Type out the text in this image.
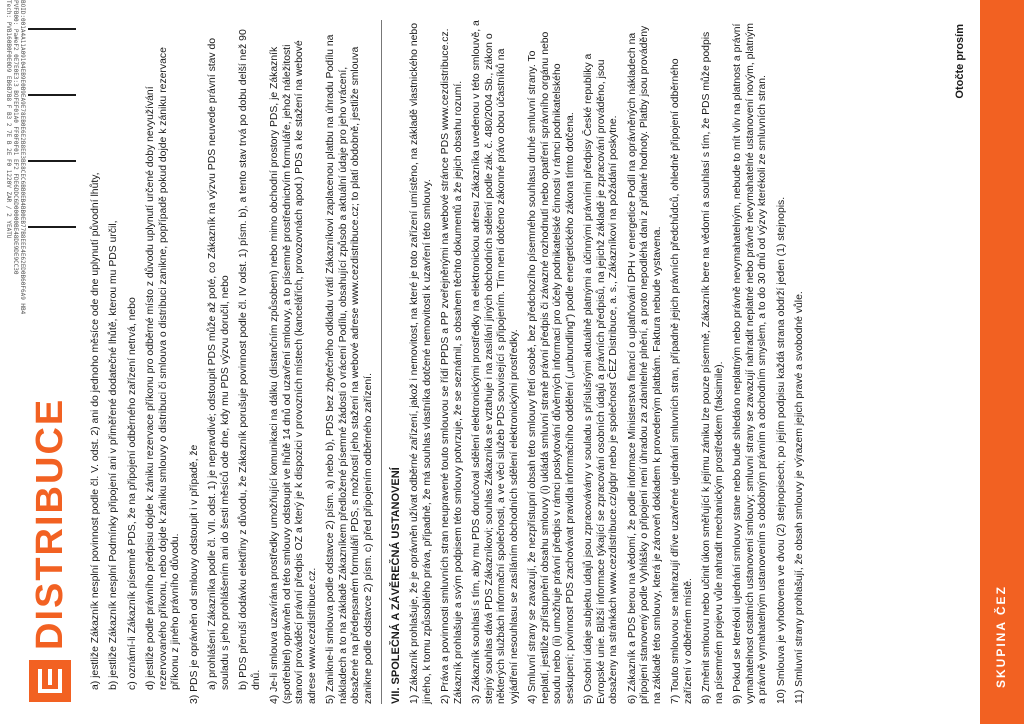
BOID:001A4A11A09104EB9E0B9EA9E78EB0E6E2B8EE3BE8CEC6BB0EB4BB0EB77B8EEE4E62ED0B60F6A9 HB4
PVFB00: Pa#eF2 0E7E0E3:3 BOFEF01A0 FF0F0F01 EF2 FDE6DDC6D00000BE48DE9DE9CC30
Tech: PVB160B0F0E0D9 EB6B7B8 F B3 2 7E B 2E F0 1220V ZAR / 2 YEATU
DISTRIBUCE a) jestliže Zákazník nesplní povinnost podle čl. V. odst. 2) ani do jednoho měsíce ode dne uplynutí původní lhůty, b) jestliže Zákazník nesplní Podmínky připojení ani v přiměřené dodatečné lhůtě, kterou mu PDS určil, c) oznámí-li Zákazník písemně PDS, že na připojení odběrného zařízení netrvá, nebo d) jestliže podle právního předpisu dojde k zániku rezervace příkonu pro odběrné místo z důvodu uplynutí určené doby nevyužívání rezervovaného příkonu, nebo dojde k zániku smlouvy o distribuci či smlouva o distribuci zanikne, popřípadě pokud dojde k zániku rezervace příkonu z jiného právního důvodu. 3) PDS je oprávněn od smlouvy odstoupit i v případě, že a) prohlášení Zákazníka podle čl. VII. odst. 1) je nepravdivé; odstoupit PDS může až poté, co Zákazník na výzvu PDS neuvede právní stav do souladu s jeho prohlášením ani do šesti měsíců ode dne, kdy mu PDS výzvu doručil, nebo b) PDS přeruší dodávku elektřiny z důvodu, že Zákazník porušuje povinnost podle čl. IV odst. 1) písm. b), a tento stav trvá po dobu delší než 90 dnů. 4) Je-li smlouva uzavírána prostředky umožňující komunikaci na dálku (distančním způsobem) nebo mimo obchodní prostory PDS, je Zákazník (spotřebitel) oprávněn od této smlouvy odstoupit ve lhůtě 14 dnů od uzavření smlouvy, a to písemně prostřednictvím formuláře, jehož náležitosti stanoví prováděcí právní předpis OZ a který je k dispozici v provozních místech (kancelářích, provozovnách apod.) PDS a ke stažení na webové adrese www.cezdistribuce.cz. 5) Zanikne-li smlouva podle odstavce 2) písm. a) nebo b), PDS bez zbytečného odkladu vrátí Zákazníkovi zaplacenou platbu na úhradu Podílu na nákladech a to na základě Zákazníkem předložené písemné žádosti o vrácení Podílu, obsahující způsob a aktuální údaje pro jeho vrácení, obsažené na předepsaném formuláři PDS, s možností jeho stažení na webové adrese www.cezdistribuce.cz; to platí obdobně, jestliže smlouva zanikne podle odstavce 2) písm. c) před připojením odběrného zařízení. VII. SPOLEČNÁ A ZÁVĚREČNÁ USTANOVENÍ 1) Zákazník prohlašuje, že je oprávněn užívat odběrné zařízení, jakož i nemovitost, na které je toto zařízení umístěno, na základě vlastnického nebo jiného, k tomu způsobilého práva, případně, že má souhlas vlastníka dotčené nemovitosti k uzavření této smlouvy. 2) Práva a povinnosti smluvních stran neupravené touto smlouvou se řídí PPDS a PP zveřejněnými na webové stránce PDS www.cezdistribuce.cz. Zákazník prohlašuje a svým podpisem této smlouvy potvrzuje, že se seznámil, s obsahem těchto dokumentů a že jejich obsahu rozumí. 3) Zákazník souhlasí s tím, aby mu PDS doručoval sdělení elektronickými prostředky na elektronickou adresu Zákazníka uvedenou v této smlouvě, a stejný souhlas dává PDS Zákazníkovi; souhlas Zákazníka se vztahuje i na zasílání jiných obchodních sdělení podle zák. č. 480/2004 Sb., zákon o některých službách informační společnosti, a ve věci služeb PDS související s připojením. Tím není dotčeno zákonné právo obou účastníků na vyjádření nesouhlasu se zasíláním obchodních sdělení elektronickými prostředky. 4) Smluvní strany se zavazují, že nezpřístupní obsah této smlouvy třetí osobě, bez předchozího písemného souhlasu druhé smluvní strany. To neplatí, jestliže zpřístupnění obsahu smlouvy (i) ukládá smluvní straně právní předpis či závazné rozhodnutí nebo opatření správního orgánu nebo soudu nebo (ii) umožňuje právní předpis v rámci poskytování důvěrných informací pro účely podnikatelské činnosti v rámci podnikatelského seskupení; povinnost PDS zachovávat pravidla informačního oddělení („unbundling") podle energetického zákona tímto dotčena. 5) Osobní údaje subjektu údajů jsou zpracovávány v souladu s příslušnými aktuálně platnými a účinnými právními předpisy České republiky a Evropské unie. Bližší informace týkající se zpracování osobních údajů a právních předpisů, na jejichž základě je zpracování prováděno, jsou obsaženy na stránkách www.cezdistribuce.cz/gdpr nebo je společnost ČEZ Distribuce, a. s., Zákazníkovi na požádání poskytne. 6) Zákazník a PDS berou na vědomí, že podle informace Ministerstva financí o uplatňování DPH v energetice Podíl na oprávněných nákladech na připojení stanovený podle Vyhlášky o připojení není úhradou za zdanitelné plnění, a proto nepodléhá dani z přidané hodnoty. Platby jsou prováděny na základě této smlouvy, která je zároveň dokladem k provedeným platbám. Faktura nebude vystavena. 7) Touto smlouvou se nahrazují dříve uzavřené ujednání smluvních stran, případně jejich právních předchůdců, ohledně připojení odběrného zařízení v odběrném místě. 8) Změnit smlouvu nebo učinit úkon směřující k jejímu zániku lze pouze písemně, Zákazník bere na vědomí a souhlasí s tím, že PDS může podpis na písemném projevu vůle nahradit mechanickým prostředkem (faksimile). 9) Pokud se kterékoli ujednání smlouvy stane nebo bude shledáno neplatným nebo právně nevymahatelným, nebude to mít vliv na platnost a právní vymahatelnost ostatních ustanovení smlouvy; smluvní strany se zavazují nahradit neplatné nebo právně nevymahatelné ustanovení novým, platným a právně vymahatelným ustanovením s obdobným právním a obchodním smyslem, a to do 30 dnů od výzvy kterékoli ze smluvních stran. 10) Smlouva je vyhotovena ve dvou (2) stejnopisech; po jejím podpisu každá strana obdrží jeden (1) stejnopis. 11) Smluvní strany prohlašují, že obsah smlouvy je výrazem jejich pravé a svobodné vůle.

Otočte prosím
SKUPINA ČEZ
